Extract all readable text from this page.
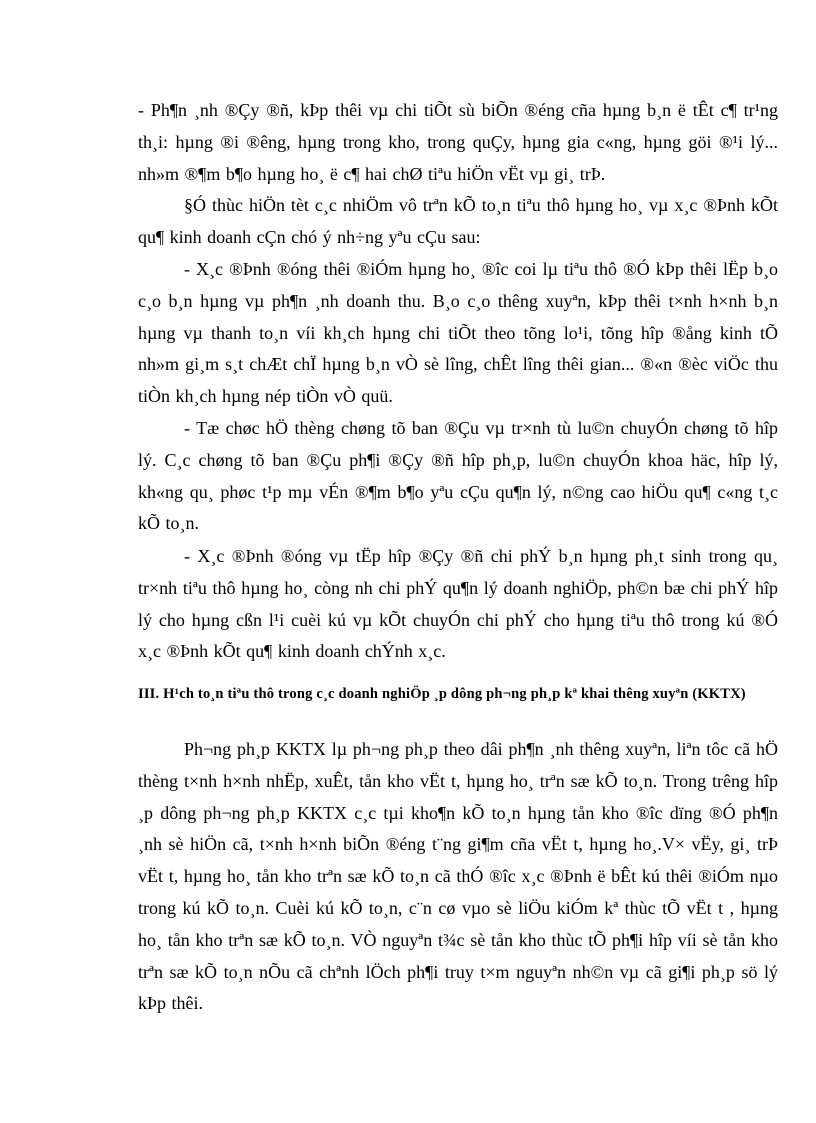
- Ph¶n ¸nh ®Çy ®ñ, kÞp thêi vµ chi tiÕt sù biÕn ®éng cña hµng b¸n ë tÊt c¶ tr¹ng th¸i: hµng ®i ®êng, hµng trong kho, trong quÇy, hµng gia c«ng, hµng göi ®¹i lý... nh»m ®¶m b¶o hµng ho¸ ë c¶ hai chØ tiªu hiÖn vËt vµ gi¸ trÞ.

§Ó thùc hiÖn tèt c¸c nhiÖm vô trªn kÕ to¸n tiªu thô hµng ho¸ vµ x¸c ®Þnh kÕt qu¶ kinh doanh cÇn chó ý nh÷ng yªu cÇu sau:

- X¸c ®Þnh ®óng thêi ®iÓm hµng ho¸ ®îc coi lµ tiªu thô ®Ó kÞp thêi lËp b¸o c¸o b¸n hµng vµ ph¶n ¸nh doanh thu. B¸o c¸o thêng xuyªn, kÞp thêi t×nh h×nh b¸n hµng vµ thanh to¸n víi kh¸ch hµng chi tiÕt theo tõng lo¹i, tõng hîp ®ång kinh tÕ nh»m gi¸m s¸t chÆt chÏ hµng b¸n vÒ sè lîng, chÊt lîng thêi gian... ®«n ®èc viÖc thu tiÒn kh¸ch hµng nép tiÒn vÒ quü.

- Tæ chøc hÖ thèng chøng tõ ban ®Çu vµ tr×nh tù lu©n chuyÓn chøng tõ hîp lý. C¸c chøng tõ ban ®Çu ph¶i ®Çy ®ñ hîp ph¸p, lu©n chuyÓn khoa häc, hîp lý, kh«ng qu¸ phøc t¹p mµ vÉn ®¶m b¶o yªu cÇu qu¶n lý, n©ng cao hiÖu qu¶ c«ng t¸c kÕ to¸n.

- X¸c ®Þnh ®óng vµ tËp hîp ®Çy ®ñ chi phÝ b¸n hµng ph¸t sinh trong qu¸ tr×nh tiªu thô hµng ho¸ còng nh chi phÝ qu¶n lý doanh nghiÖp, ph©n bæ chi phÝ hîp lý cho hµng cßn l¹i cuèi kú vµ kÕt chuyÓn chi phÝ cho hµng tiªu thô trong kú ®Ó x¸c ®Þnh kÕt qu¶ kinh doanh chÝnh x¸c.

III. H¹ch to¸n tiªu thô trong c¸c doanh nghiÖp ¸p dông ph¬ng ph¸p kª khai thêng xuyªn (KKTX)

Ph¬ng ph¸p KKTX lµ ph¬ng ph¸p theo dâi ph¶n ¸nh thêng xuyªn, liªn tôc cã hÖ thèng t×nh h×nh nhËp, xuÊt, tån kho vËt t, hµng ho¸ trªn sæ kÕ to¸n. Trong trêng hîp ¸p dông ph¬ng ph¸p KKTX c¸c tµi kho¶n kÕ to¸n hµng tån kho ®îc dïng ®Ó ph¶n ¸nh sè hiÖn cã, t×nh h×nh biÕn ®éng t¨ng gi¶m cña vËt t, hµng ho¸.V× vËy, gi¸ trÞ vËt t, hµng ho¸ tån kho trªn sæ kÕ to¸n cã thÓ ®îc x¸c ®Þnh ë bÊt kú thêi ®iÓm nµo trong kú kÕ to¸n. Cuèi kú kÕ to¸n, c¨n cø vµo sè liÖu kiÓm kª thùc tÕ vËt t , hµng ho¸ tån kho trªn sæ kÕ to¸n. VÒ nguyªn t¾c sè tån kho thùc tÕ ph¶i hîp víi sè tån kho trªn sæ kÕ to¸n nÕu cã chªnh lÖch ph¶i truy t×m nguyªn nh©n vµ cã gi¶i ph¸p sö lý kÞp thêi.
